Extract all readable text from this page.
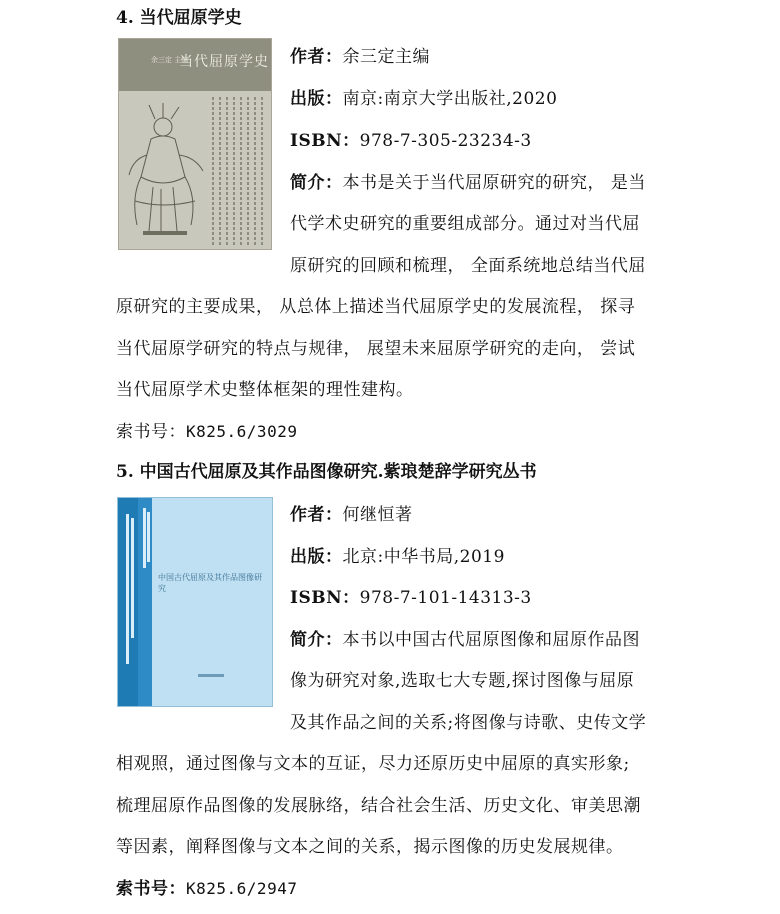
4. 当代屈原学史
余三定 主编
当代屈原学史 作者：余三定主编
出版：南京:南京大学出版社,2020
ISBN：978-7-305-23234-3
简介：本书是关于当代屈原研究的研究， 是当
代学术史研究的重要组成部分。通过对当代屈
原研究的回顾和梳理， 全面系统地总结当代屈
原研究的主要成果， 从总体上描述当代屈原学史的发展流程， 探寻
当代屈原学研究的特点与规律， 展望未来屈原学研究的走向， 尝试
当代屈原学术史整体框架的理性建构。
索书号：K825.6/3029
5. 中国古代屈原及其作品图像研究.紫琅楚辞学研究丛书
中国古代屈原及其作品图像研究
作者：何继恒著
出版：北京:中华书局,2019
ISBN：978-7-101-14313-3
简介：本书以中国古代屈原图像和屈原作品图
像为研究对象,选取七大专题,探讨图像与屈原
及其作品之间的关系;将图像与诗歌、史传文学
相观照，通过图像与文本的互证，尽力还原历史中屈原的真实形象;
梳理屈原作品图像的发展脉络，结合社会生活、历史文化、审美思潮
等因素，阐释图像与文本之间的关系，揭示图像的历史发展规律。
索书号：K825.6/2947
